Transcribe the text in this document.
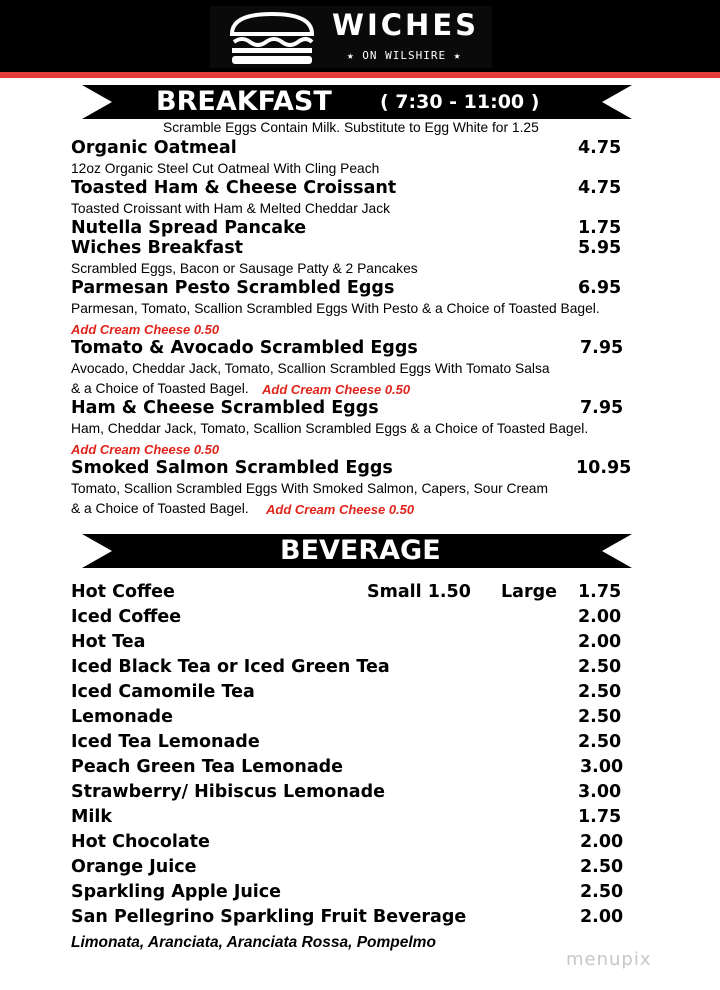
WICHES
★ ON WILSHIRE ★
BREAKFAST	( 7:30 - 11:00 )
Scramble Eggs Contain Milk. Substitute to Egg White for 1.25
Organic Oatmeal	4.75
12oz Organic Steel Cut Oatmeal With Cling Peach
Toasted Ham & Cheese Croissant	4.75
Toasted Croissant with Ham & Melted Cheddar Jack
Nutella Spread Pancake	1.75
Wiches Breakfast	5.95
Scrambled Eggs, Bacon or Sausage Patty & 2 Pancakes
Parmesan Pesto Scrambled Eggs	6.95
Parmesan, Tomato, Scallion Scrambled Eggs With Pesto & a Choice of Toasted Bagel.
Add Cream Cheese 0.50
Tomato & Avocado Scrambled Eggs	7.95
Avocado, Cheddar Jack, Tomato, Scallion Scrambled Eggs With Tomato Salsa
& a Choice of Toasted Bagel. Add Cream Cheese 0.50
Ham & Cheese Scrambled Eggs	7.95
Ham, Cheddar Jack, Tomato, Scallion Scrambled Eggs & a Choice of Toasted Bagel.
Add Cream Cheese 0.50
Smoked Salmon Scrambled Eggs	10.95
Tomato, Scallion Scrambled Eggs With Smoked Salmon, Capers, Sour Cream
& a Choice of Toasted Bagel. Add Cream Cheese 0.50
BEVERAGE
Hot Coffee	Small 1.50 Large 1.75
Iced Coffee	2.00
Hot Tea	2.00
Iced Black Tea or Iced Green Tea	2.50
Iced Camomile Tea	2.50
Lemonade	2.50
Iced Tea Lemonade	2.50
Peach Green Tea Lemonade	3.00
Strawberry/ Hibiscus Lemonade	3.00
Milk	1.75
Hot Chocolate	2.00
Orange Juice	2.50
Sparkling Apple Juice	2.50
San Pellegrino Sparkling Fruit Beverage	2.00
Limonata, Aranciata, Aranciata Rossa, Pompelmo
menupix
